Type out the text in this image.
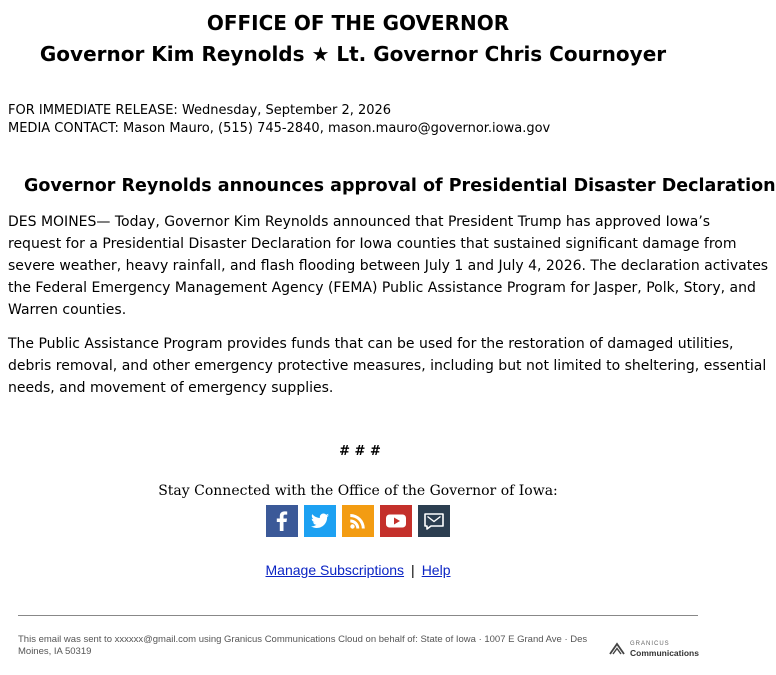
OFFICE OF THE GOVERNOR
Governor Kim Reynolds ★ Lt. Governor Chris Cournoyer
FOR IMMEDIATE RELEASE: Wednesday, September 2, 2026
MEDIA CONTACT: Mason Mauro, (515) 745-2840, mason.mauro@governor.iowa.gov
Governor Reynolds announces approval of Presidential Disaster Declaration
DES MOINES— Today, Governor Kim Reynolds announced that President Trump has approved Iowa’s
request for a Presidential Disaster Declaration for Iowa counties that sustained significant damage from
severe weather, heavy rainfall, and flash flooding between July 1 and July 4, 2026. The declaration activates
the Federal Emergency Management Agency (FEMA) Public Assistance Program for Jasper, Polk, Story, and
Warren counties.
The Public Assistance Program provides funds that can be used for the restoration of damaged utilities,
debris removal, and other emergency protective measures, including but not limited to sheltering, essential
needs, and movement of emergency supplies.
# # #
Stay Connected with the Office of the Governor of Iowa:
Manage Subscriptions | Help
This email was sent to xxxxxx@gmail.com using Granicus Communications Cloud on behalf of: State of Iowa · 1007 E Grand Ave · Des Moines, IA 50319
GRANICUS
Communications
